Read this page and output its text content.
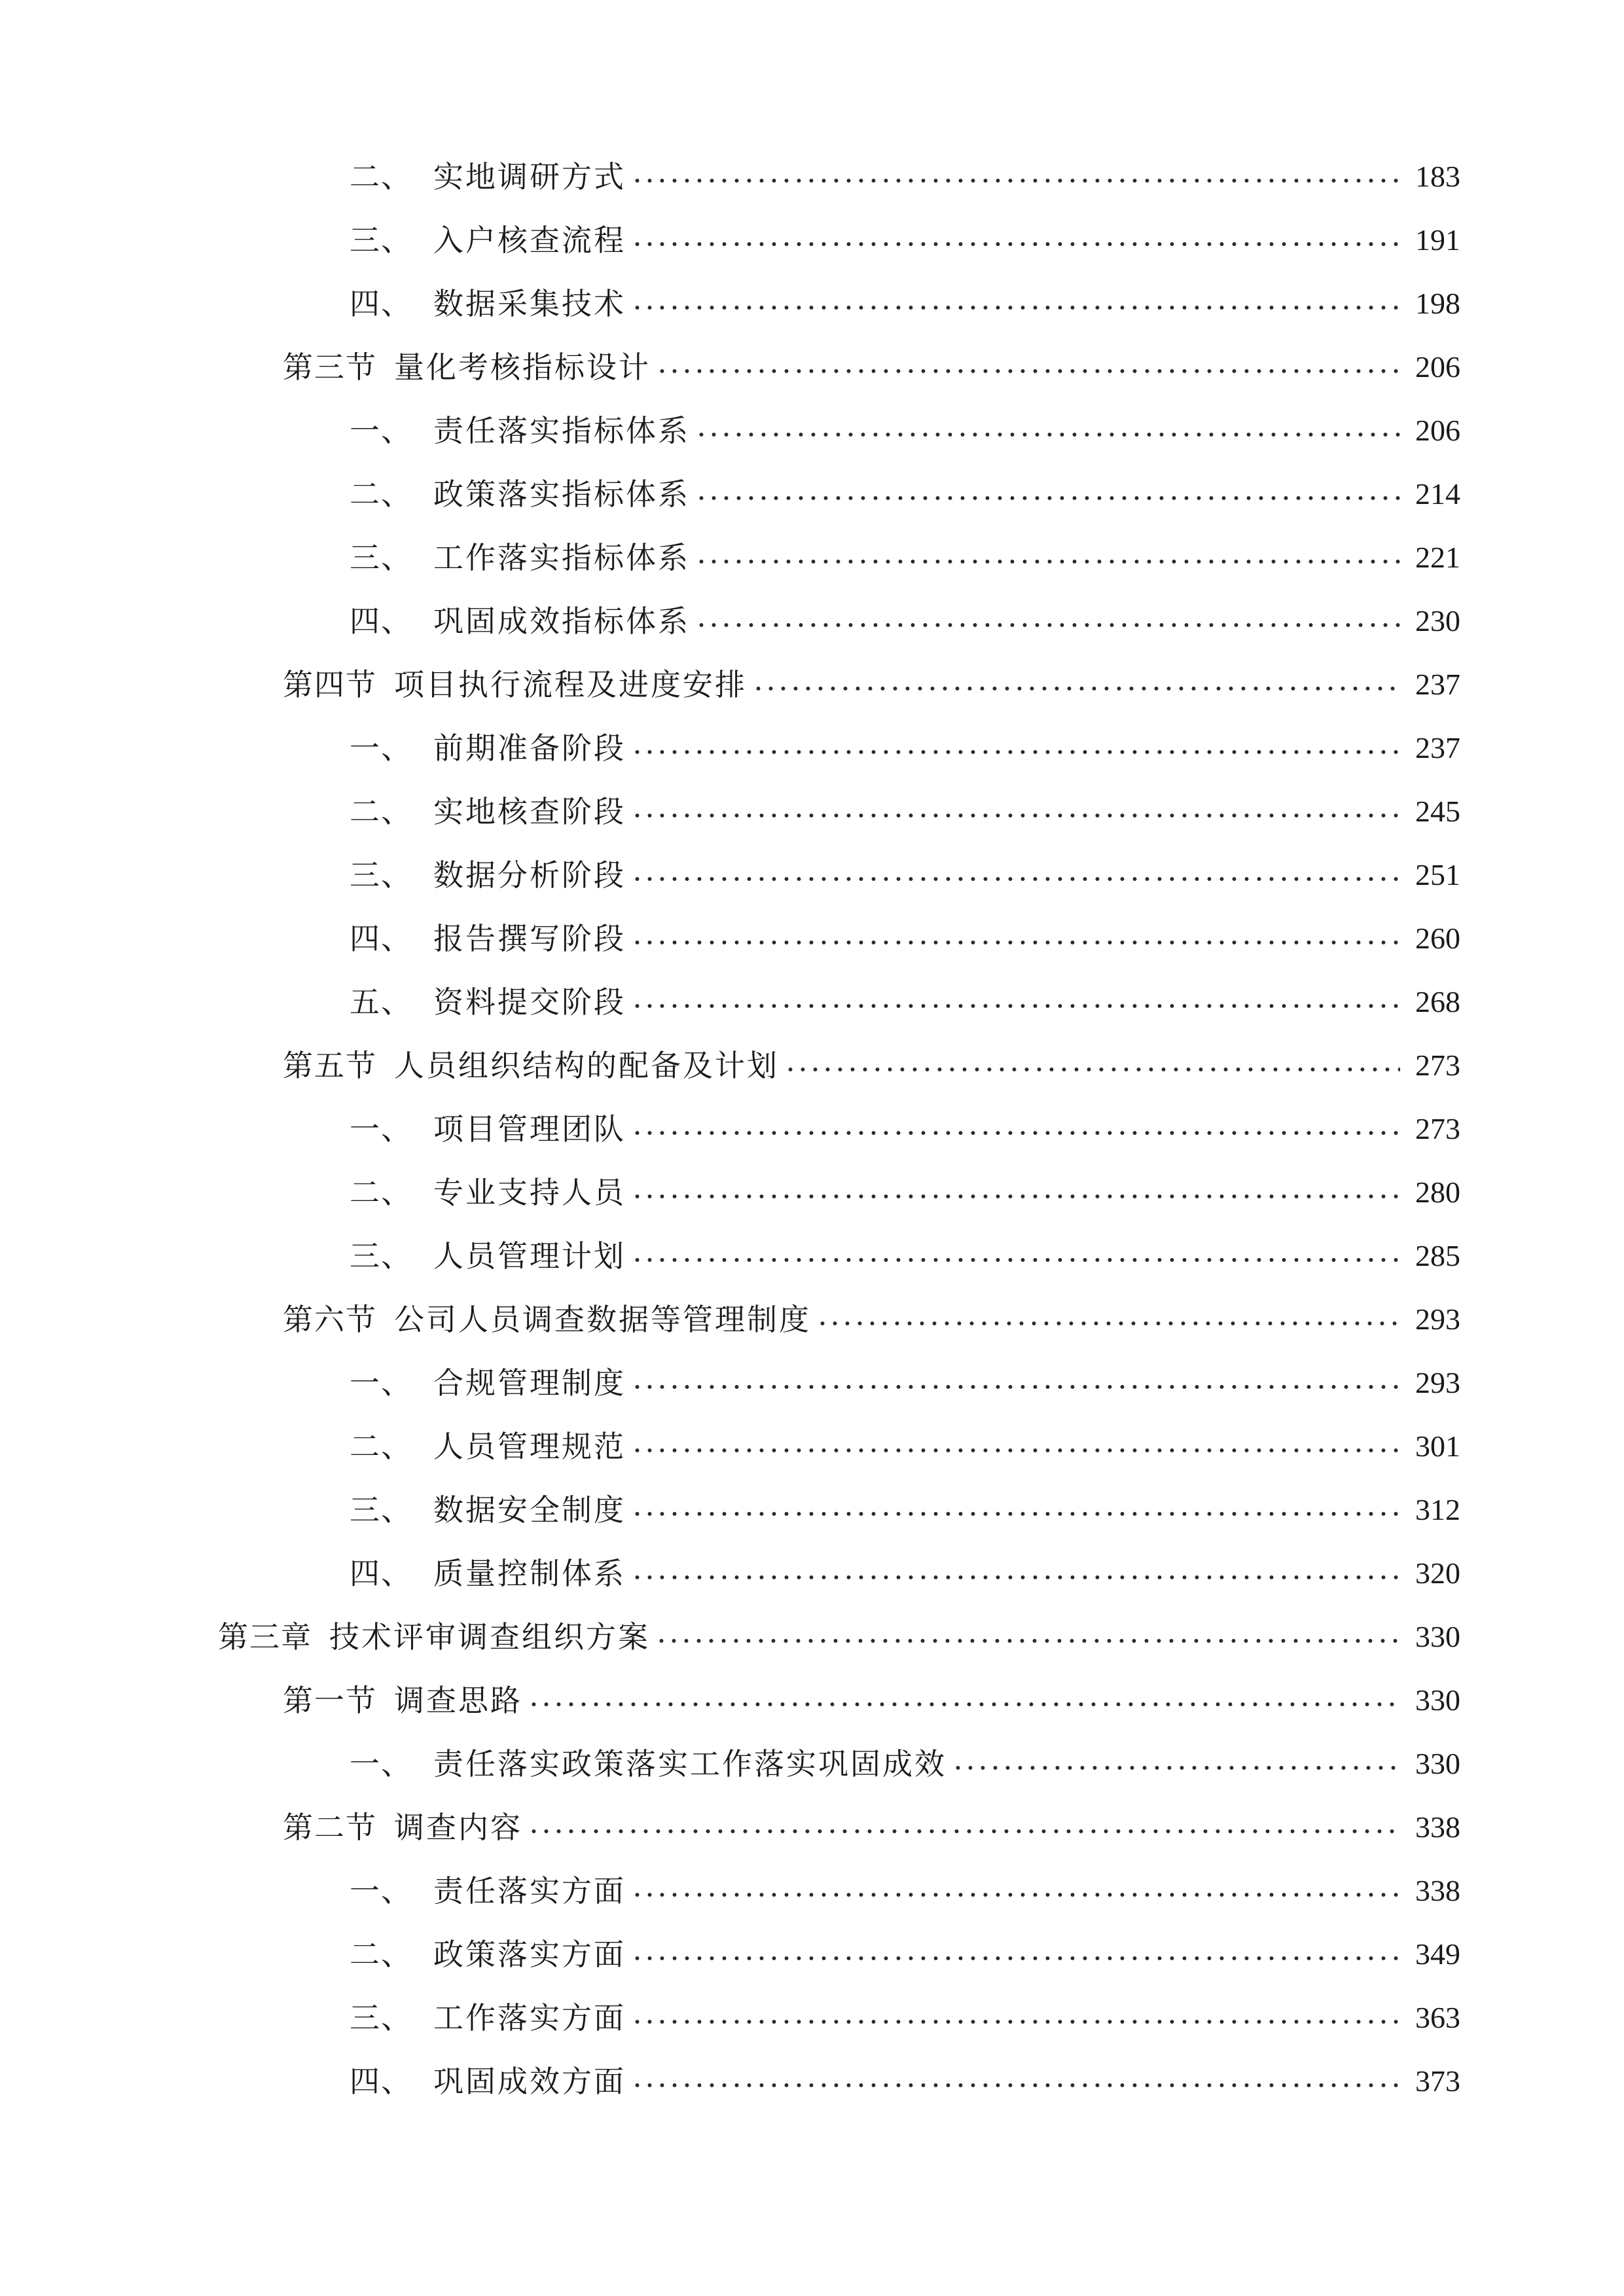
二、 实地调研方式	183
三、 入户核查流程	191
四、 数据采集技术	198
第三节 量化考核指标设计	206
一、 责任落实指标体系	206
二、 政策落实指标体系	214
三、 工作落实指标体系	221
四、 巩固成效指标体系	230
第四节 项目执行流程及进度安排	237
一、 前期准备阶段	237
二、 实地核查阶段	245
三、 数据分析阶段	251
四、 报告撰写阶段	260
五、 资料提交阶段	268
第五节 人员组织结构的配备及计划	273
一、 项目管理团队	273
二、 专业支持人员	280
三、 人员管理计划	285
第六节 公司人员调查数据等管理制度	293
一、 合规管理制度	293
二、 人员管理规范	301
三、 数据安全制度	312
四、 质量控制体系	320
第三章 技术评审调查组织方案	330
第一节 调查思路	330
一、 责任落实政策落实工作落实巩固成效	330
第二节 调查内容	338
一、 责任落实方面	338
二、 政策落实方面	349
三、 工作落实方面	363
四、 巩固成效方面	373
